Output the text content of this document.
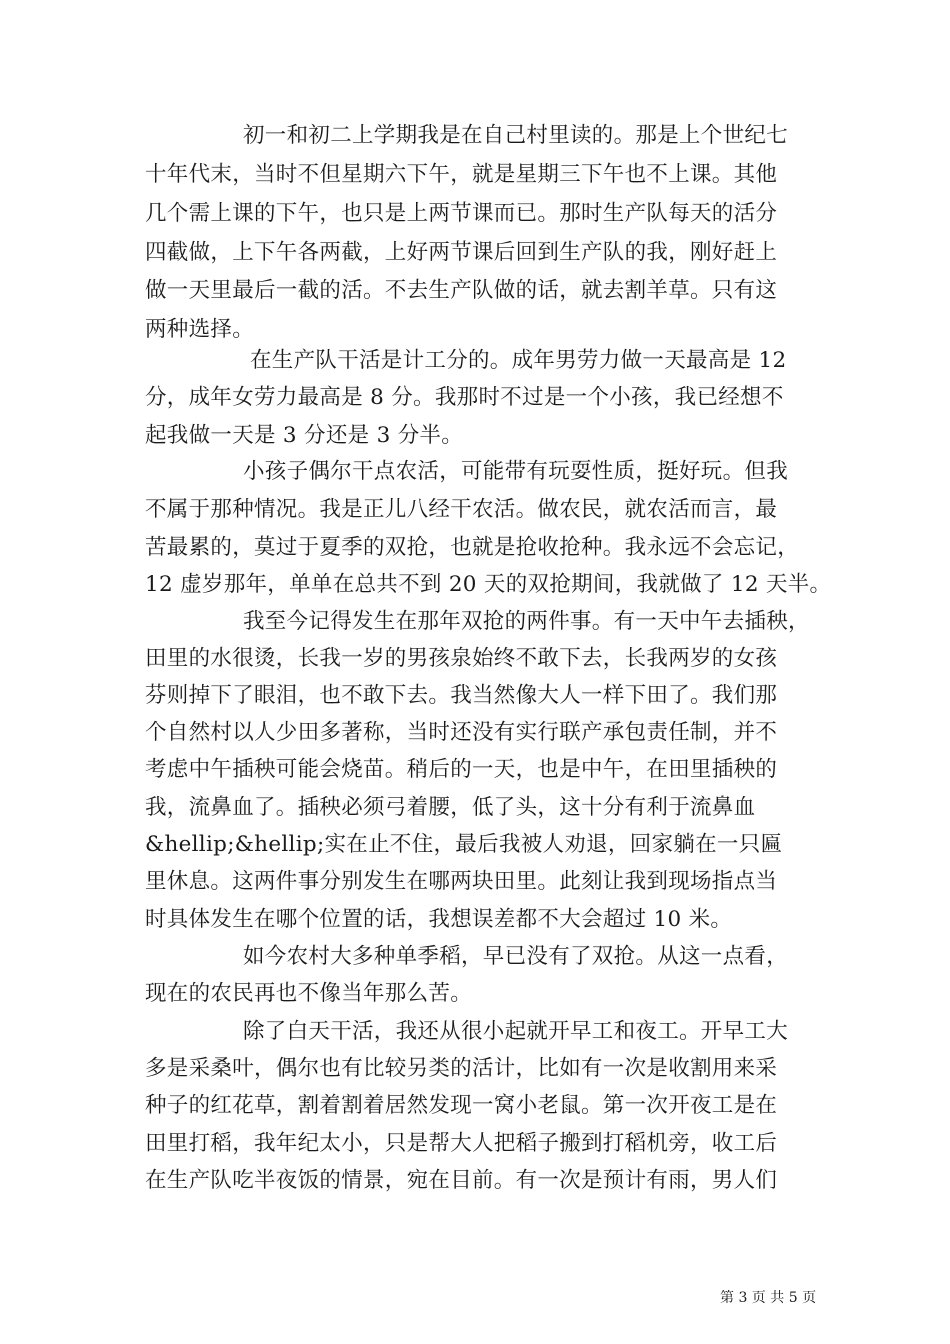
初一和初二上学期我是在自己村里读的。那是上个世纪七
十年代末，当时不但星期六下午，就是星期三下午也不上课。其他
几个需上课的下午，也只是上两节课而已。那时生产队每天的活分
四截做，上下午各两截，上好两节课后回到生产队的我，刚好赶上
做一天里最后一截的活。不去生产队做的话，就去割羊草。只有这
两种选择。
在生产队干活是计工分的。成年男劳力做一天最高是 12
分，成年女劳力最高是 8 分。我那时不过是一个小孩，我已经想不
起我做一天是 3 分还是 3 分半。
小孩子偶尔干点农活，可能带有玩耍性质，挺好玩。但我
不属于那种情况。我是正儿八经干农活。做农民，就农活而言，最
苦最累的，莫过于夏季的双抢，也就是抢收抢种。我永远不会忘记，
12 虚岁那年，单单在总共不到 20 天的双抢期间，我就做了 12 天半。
我至今记得发生在那年双抢的两件事。有一天中午去插秧，
田里的水很烫，长我一岁的男孩泉始终不敢下去，长我两岁的女孩
芬则掉下了眼泪，也不敢下去。我当然像大人一样下田了。我们那
个自然村以人少田多著称，当时还没有实行联产承包责任制，并不
考虑中午插秧可能会烧苗。稍后的一天，也是中午，在田里插秧的
我，流鼻血了。插秧必须弓着腰，低了头，这十分有利于流鼻血
&hellip;&hellip;实在止不住，最后我被人劝退，回家躺在一只匾
里休息。这两件事分别发生在哪两块田里。此刻让我到现场指点当
时具体发生在哪个位置的话，我想误差都不大会超过 10 米。
如今农村大多种单季稻，早已没有了双抢。从这一点看，
现在的农民再也不像当年那么苦。
除了白天干活，我还从很小起就开早工和夜工。开早工大
多是采桑叶，偶尔也有比较另类的活计，比如有一次是收割用来采
种子的红花草，割着割着居然发现一窝小老鼠。第一次开夜工是在
田里打稻，我年纪太小，只是帮大人把稻子搬到打稻机旁，收工后
在生产队吃半夜饭的情景，宛在目前。有一次是预计有雨，男人们
第 3 页 共 5 页
